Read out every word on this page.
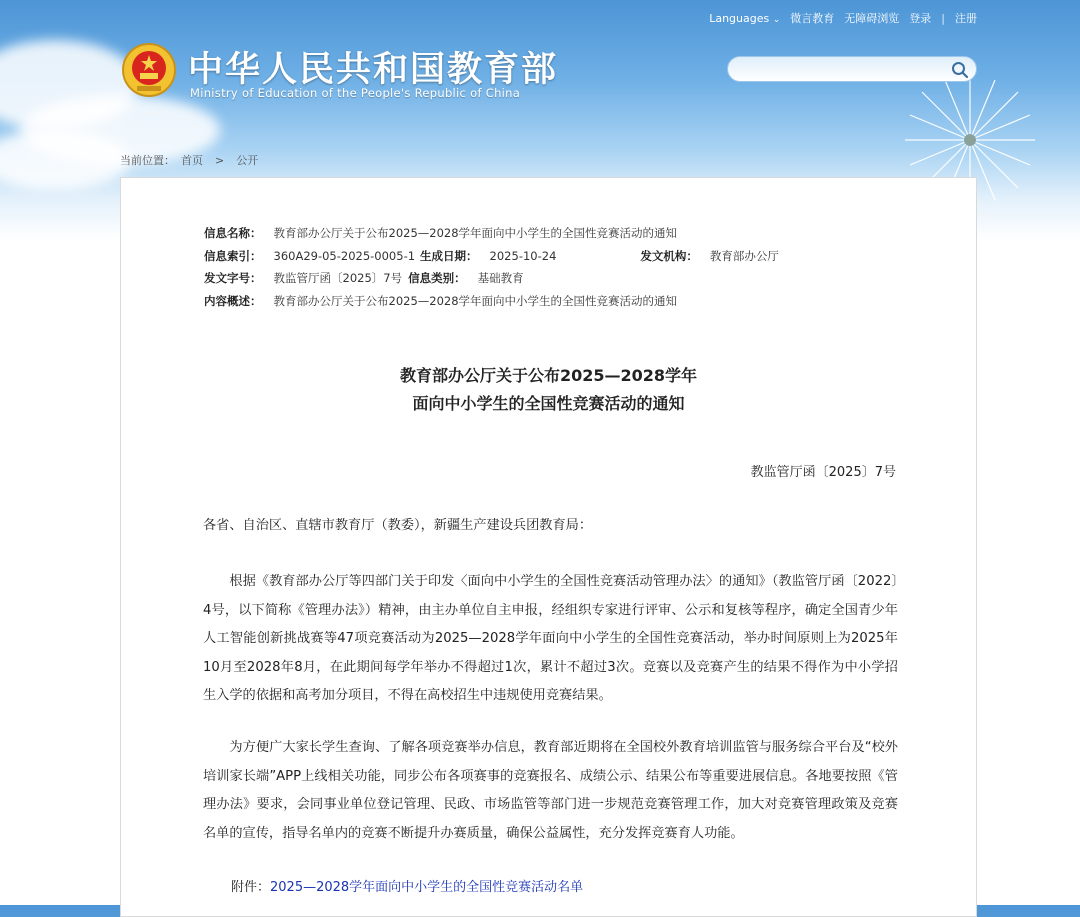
Languages ⌄ 微言教育 无障碍浏览 登录 | 注册
中华人民共和国教育部
Ministry of Education of the People's Republic of China
当前位置： 首页 > 公开
信息名称： 教育部办公厅关于公布2025—2028学年面向中小学生的全国性竞赛活动的通知
信息索引： 360A29-05-2025-0005-1 生成日期： 2025-10-24	发文机构： 教育部办公厅
发文字号： 教监管厅函〔2025〕7号 信息类别： 基础教育
内容概述： 教育部办公厅关于公布2025—2028学年面向中小学生的全国性竞赛活动的通知
教育部办公厅关于公布2025—2028学年
面向中小学生的全国性竞赛活动的通知
教监管厅函〔2025〕7号
各省、自治区、直辖市教育厅（教委），新疆生产建设兵团教育局：
根据《教育部办公厅等四部门关于印发〈面向中小学生的全国性竞赛活动管理办法〉的通知》（教监管厅函〔2022〕4号，以下简称《管理办法》）精神，由主办单位自主申报，经组织专家进行评审、公示和复核等程序，确定全国青少年人工智能创新挑战赛等47项竞赛活动为2025—2028学年面向中小学生的全国性竞赛活动，举办时间原则上为2025年10月至2028年8月，在此期间每学年举办不得超过1次，累计不超过3次。竞赛以及竞赛产生的结果不得作为中小学招生入学的依据和高考加分项目，不得在高校招生中违规使用竞赛结果。
为方便广大家长学生查询、了解各项竞赛举办信息，教育部近期将在全国校外教育培训监管与服务综合平台及“校外培训家长端”APP上线相关功能，同步公布各项赛事的竞赛报名、成绩公示、结果公布等重要进展信息。各地要按照《管理办法》要求，会同事业单位登记管理、民政、市场监管等部门进一步规范竞赛管理工作，加大对竞赛管理政策及竞赛名单的宣传，指导名单内的竞赛不断提升办赛质量，确保公益属性，充分发挥竞赛育人功能。
附件：2025—2028学年面向中小学生的全国性竞赛活动名单
